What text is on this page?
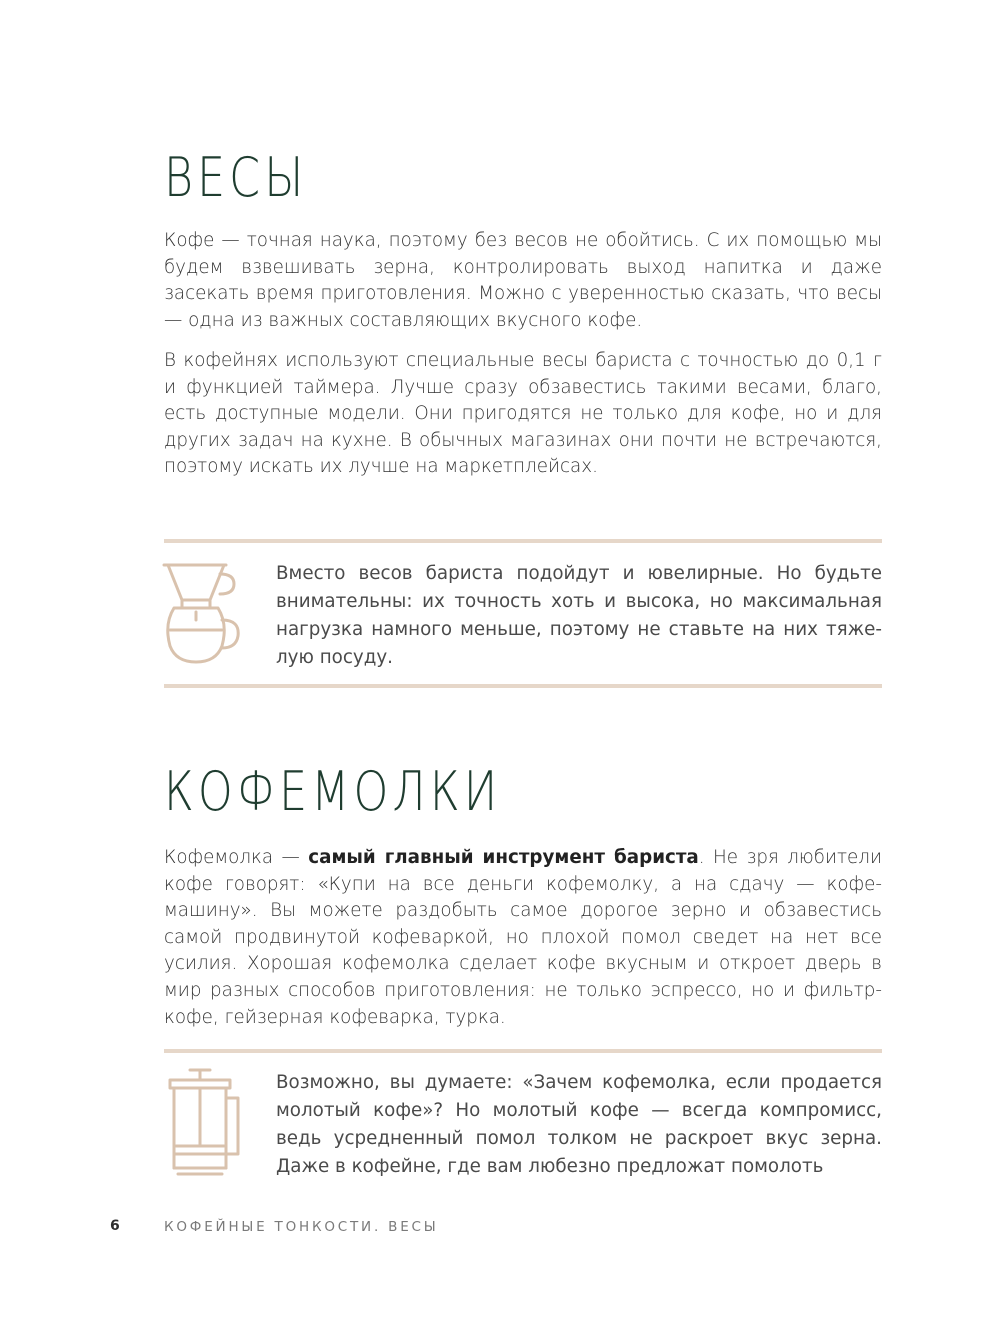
ВЕСЫ

Кофе — точная наука, поэтому без весов не обойтись. С их помощью мы будем взвешивать зерна, контролировать выход напитка и даже засекать время приготовления. Можно с уверенностью сказать, что весы — одна из важных составляющих вкусного кофе.

В кофейнях используют специальные весы бариста с точностью до 0,1 г и функцией таймера. Лучше сразу обзавестись такими весами, благо, есть доступные модели. Они пригодятся не только для кофе, но и для других задач на кухне. В обычных магазинах они почти не встречаются, поэтому искать их лучше на маркетплейсах.

Вместо весов бариста подойдут и ювелирные. Но будьте внимательны: их точность хоть и высока, но максимальная нагрузка намного меньше, поэтому не ставьте на них тяжелую посуду.

КОФЕМОЛКИ

Кофемолка — самый главный инструмент бариста. Не зря любители кофе говорят: «Купи на все деньги кофемолку, а на сдачу — кофемашину». Вы можете раздобыть самое дорогое зерно и обзавестись самой продвинутой кофеваркой, но плохой помол сведет на нет все усилия. Хорошая кофемолка сделает кофе вкусным и откроет дверь в мир разных способов приготовления: не только эспрессо, но и фильтр-кофе, гейзерная кофеварка, турка.

Возможно, вы думаете: «Зачем кофемолка, если продается молотый кофе»? Но молотый кофе — всегда компромисс, ведь усредненный помол толком не раскроет вкус зерна. Даже в кофейне, где вам любезно предложат помолоть

6	КОФЕЙНЫЕ ТОНКОСТИ. ВЕСЫ
